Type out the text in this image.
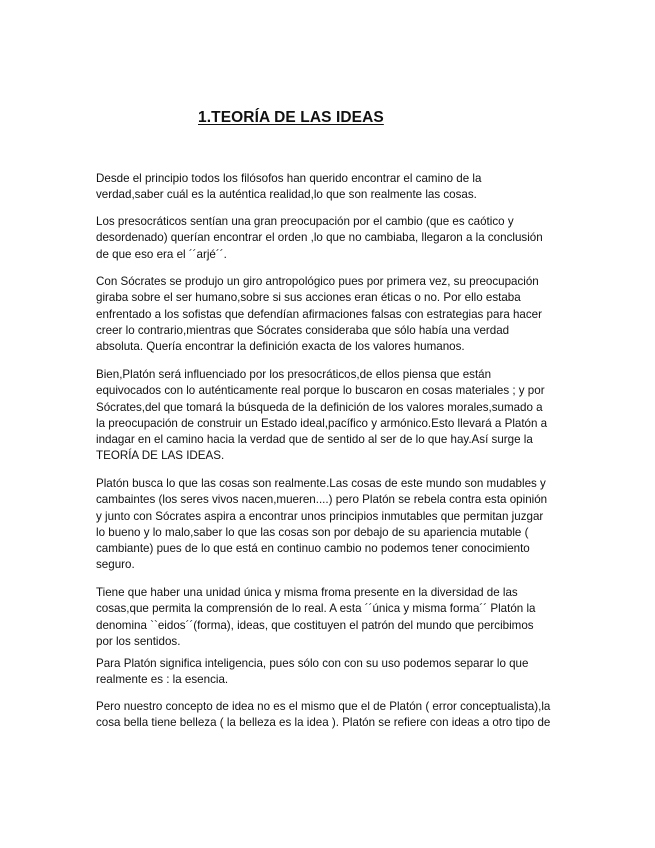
1.TEORÍA DE LAS IDEAS

Desde el principio todos los filósofos han querido encontrar el camino de la
verdad,saber cuál es la auténtica realidad,lo que son realmente las cosas.

Los presocráticos sentían una gran preocupación por el cambio (que es caótico y
desordenado) querían encontrar el orden ,lo que no cambiaba, llegaron a la conclusión
de que eso era el ´´arjé´´.

Con Sócrates se produjo un giro antropológico pues por primera vez, su preocupación
giraba sobre el ser humano,sobre si sus acciones eran éticas o no. Por ello estaba
enfrentado a los sofistas que defendían afirmaciones falsas con estrategias para hacer
creer lo contrario,mientras que Sócrates consideraba que sólo había una verdad
absoluta. Quería encontrar la definición exacta de los valores humanos.

Bien,Platón será influenciado por los presocráticos,de ellos piensa que están
equivocados con lo auténticamente real porque lo buscaron en cosas materiales ; y por
Sócrates,del que tomará la búsqueda de la definición de los valores morales,sumado a
la preocupación de construir un Estado ideal,pacífico y armónico.Esto llevará a Platón a
indagar en el camino hacia la verdad que de sentido al ser de lo que hay.Así surge la
TEORÍA DE LAS IDEAS.

Platón busca lo que las cosas son realmente.Las cosas de este mundo son mudables y
cambaintes (los seres vivos nacen,mueren....) pero Platón se rebela contra esta opinión
y junto con Sócrates aspira a encontrar unos principios inmutables que permitan juzgar
lo bueno y lo malo,saber lo que las cosas son por debajo de su apariencia mutable (
cambiante) pues de lo que está en continuo cambio no podemos tener conocimiento
seguro.

Tiene que haber una unidad única y misma froma presente en la diversidad de las
cosas,que permita la comprensión de lo real. A esta ´´única y misma forma´´ Platón la
denomina ``eidos´´(forma), ideas, que costituyen el patrón del mundo que percibimos
por los sentidos.

Para Platón significa inteligencia, pues sólo con con su uso podemos separar lo que
realmente es : la esencia.

Pero nuestro concepto de idea no es el mismo que el de Platón ( error conceptualista),la
cosa bella tiene belleza ( la belleza es la idea ). Platón se refiere con ideas a otro tipo de
